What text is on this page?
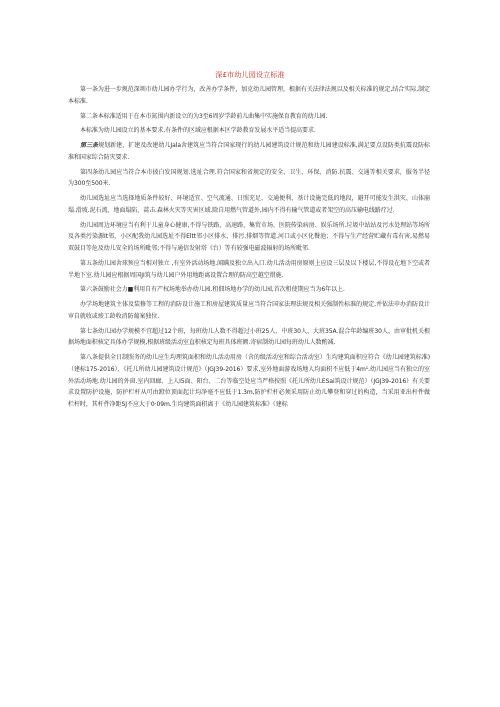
深£市幼儿园设立标准

第一条为进一步规范深圳市幼儿园办学行为，改善办学条件，加克幼儿园管理，根据有关法律法规以及相关标准的规定,结合实际,制定本标准.

第二条本标准适用于在本市氮围内新设立的为3至6周岁学龄前儿曲集中实施保育教育的幼儿园.

本标准为幼儿园设立的基本要求,有条件的区域应根据本区学龄教育发展水平适当提高要求.

第三条规划新建、扩建及改建幼儿Jala舍建筑应当符合国家现行的幼儿园建筑设计规范和幼儿园建设标准,满足要点设防类抗震设防标准和国家综合防灾要求.

第四条幼儿园应当符合本市披白发国规划.选址合理.符合国家和省规定的安全、卫生、环保、消防.抗震、交通等相关要求，服务半径为300至500米.

幼儿园选址应当选择地质条件较好、环境适宜、空气流通、日照充足、交通便利、基计设施完低的地段，避开可能发生洪灾、山体崩塌.滑坡.泥石流、地面塌陷、蒿击.森林火灾等灾害区域.除自用燃气管道外,园内不得有输气管道或者架空的高压输电线路疗过.

幼儿园周边环境应当有利于儿童身心健康,不得与铁路、高速路、集贸市场、医院传染病房、娱乐场所.垃圾中站站及污水处理站等场所及各类污染源It邻，小区配我幼儿园选址不得Eltt邻小区排水、排污.排烟等管道.河口或小区化餐池；不得与生产经营贮藏有毒有害,易燃易双鼓目等危及幼儿安全的场所毗邻;不得与通信发射塔《台）等有较强电磁波辐射的场所毗邻.

第五条幼儿园舍球预应当相对独立 ,有室外活动场地.闻蹒及独立出入口.幼儿活动用房原则上应设三层及以下楼层,不得设在地下空或者半地下室.幼儿园应根据周国JI筑与幼儿园户外用地距离设置合理的防高空越空措施.

第六条鼓励社会力■利用自有产权场地举办幼儿园.租佃场地办学的幼儿园,首次租使期应当为6年以上.

办学场地建筑主体及装修等工程的消防设计施工和房屋建筑质量应当符合国家法理法规及相关强制性标准的规定,并依法申办消防设计审自就收或竣工龄收消防葡案独位.

第七条幼儿园办学规模不宜超过12个班，每班幼儿人数不得超过小班25人、中班30人、大班35A.混合年龄编班30人，由审批机关根据场地面积核定具体办学规模,根据班级活动室直积核定每班具体班额.寄宿制幼儿园每班幼儿人数酌减.

第八条提供全日制照务的幼儿应生均理筑面积和幼儿活动用房（含的级活动室和综合活动室）生均建筑面积应符合《幼儿园建筑标准)（建标175-2016）、《托儿所幼儿园建筑设计规范》（JGJ39-2016）要求,室外地面游戏场地人均面积不应低于4m¹.幼儿园应当有独立的室外活动场地.幼儿园的外窗.室内回廊、上人I5面、阳台、二台等临空处应当严格按照《托儿所幼儿ESai筑设计规范）（JGJ39-2016）有关要求设置防护设施，防护栏杆从可由蹬位顶面起计均净毫不应低于1.3m,防护栏杆必须采用防止幼儿攀登和穿过的构造，当采用亚出杆件做栏杆时，其杆件净距SJ不应大于0·09m.生均建筑面积离于《幼儿园建筑标准》（建标
